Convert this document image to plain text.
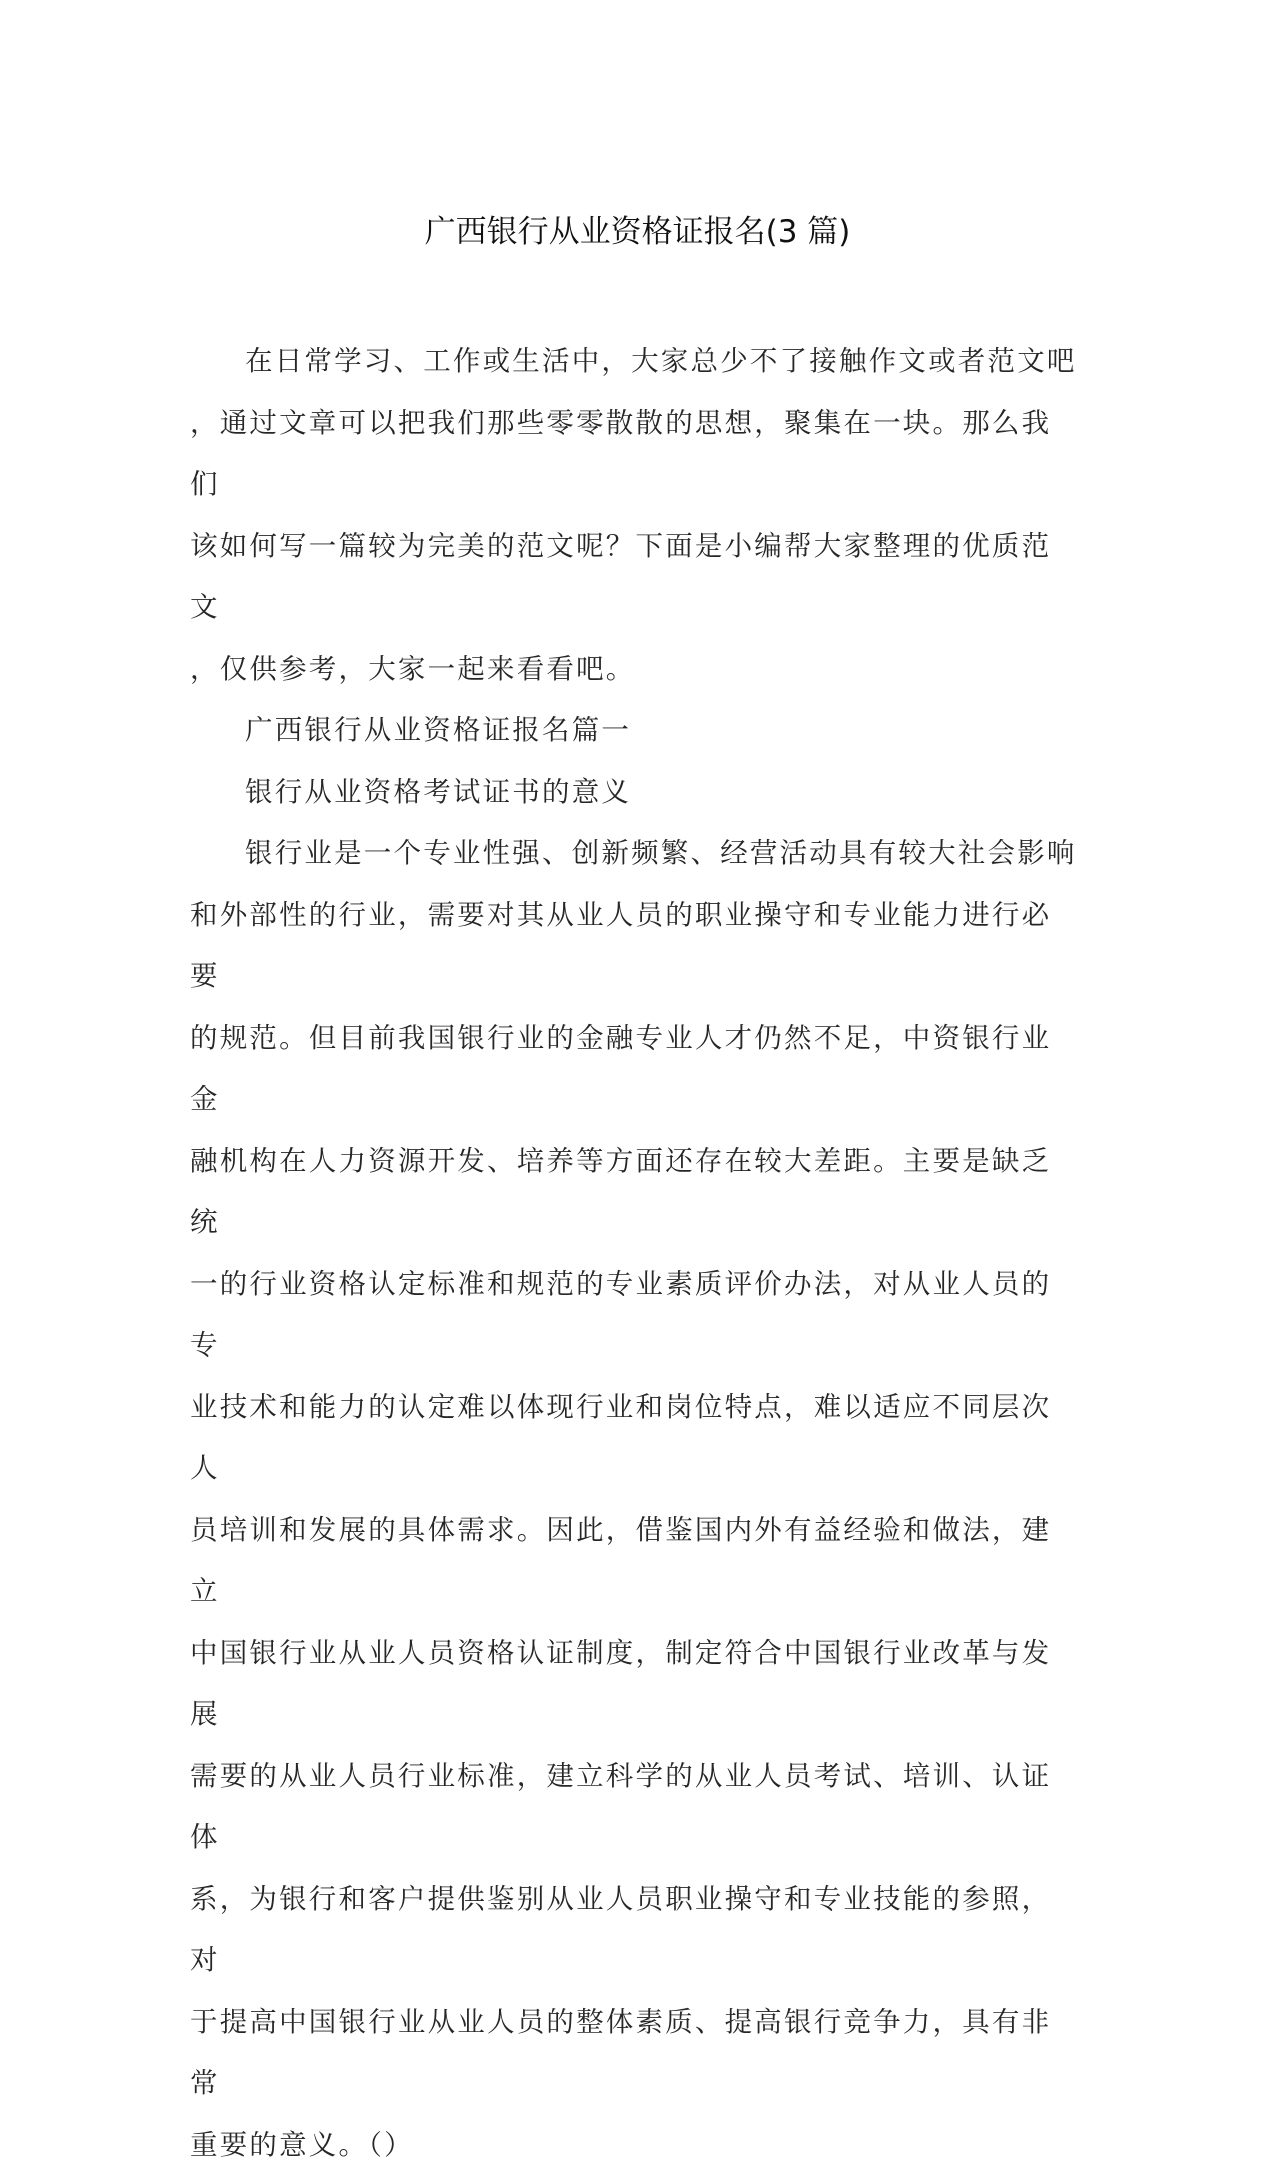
广西银行从业资格证报名(3 篇)

在日常学习、工作或生活中，大家总少不了接触作文或者范文吧
，通过文章可以把我们那些零零散散的思想，聚集在一块。那么我们
该如何写一篇较为完美的范文呢？下面是小编帮大家整理的优质范文
，仅供参考，大家一起来看看吧。

广西银行从业资格证报名篇一

银行从业资格考试证书的意义

银行业是一个专业性强、创新频繁、经营活动具有较大社会影响
和外部性的行业，需要对其从业人员的职业操守和专业能力进行必要
的规范。但目前我国银行业的金融专业人才仍然不足，中资银行业金
融机构在人力资源开发、培养等方面还存在较大差距。主要是缺乏统
一的行业资格认定标准和规范的专业素质评价办法，对从业人员的专
业技术和能力的认定难以体现行业和岗位特点，难以适应不同层次人
员培训和发展的具体需求。因此，借鉴国内外有益经验和做法，建立
中国银行业从业人员资格认证制度，制定符合中国银行业改革与发展
需要的从业人员行业标准，建立科学的从业人员考试、培训、认证体
系，为银行和客户提供鉴别从业人员职业操守和专业技能的参照，对
于提高中国银行业从业人员的整体素质、提高银行竞争力，具有非常
重要的意义。（）
